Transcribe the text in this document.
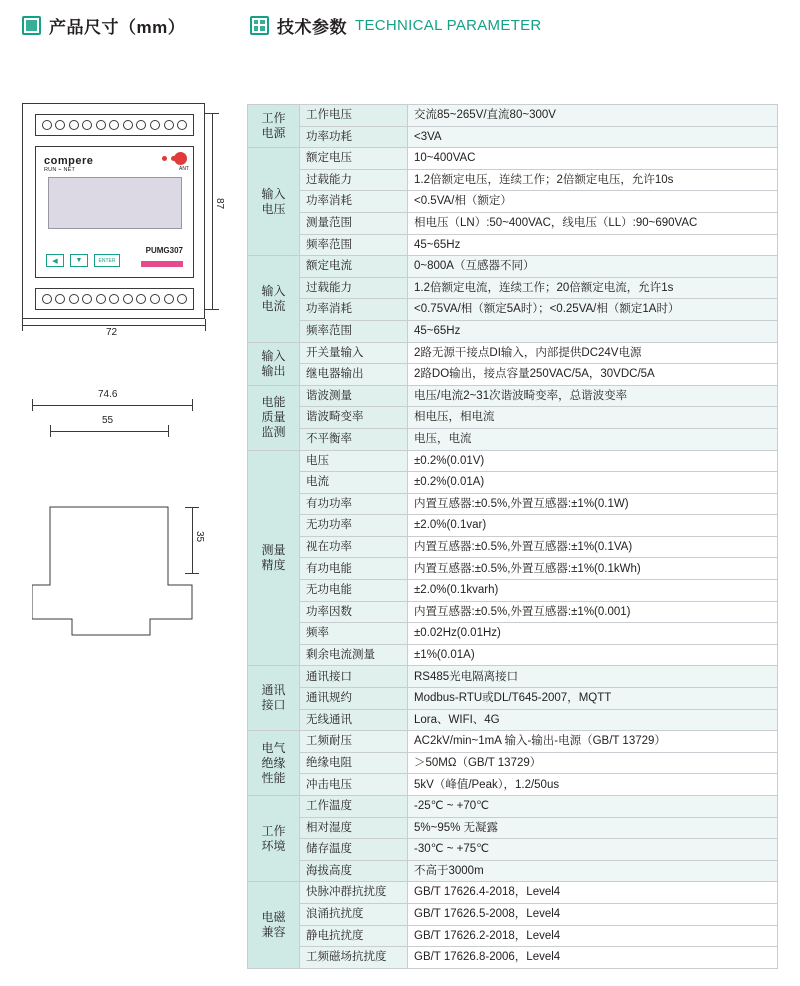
产品尺寸（mm）	技术参数 TECHNICAL PARAMETER
compere
ANT
RUN ⌁ NET
◀	▼	ENTER
PUMG307
87
72
74.6
55
35
工作
电源	工作电压	交流85~265V/直流80~300V
	功率功耗	<3VA
输入
电压	额定电压	10~400VAC
	过载能力	1.2倍额定电压，连续工作；2倍额定电压，允许10s
	功率消耗	<0.5VA/相（额定）
	测量范围	相电压（LN）:50~400VAC，线电压（LL）:90~690VAC
	频率范围	45~65Hz
输入
电流	额定电流	0~800A（互感器不同）
	过载能力	1.2倍额定电流，连续工作；20倍额定电流，允许1s
	功率消耗	<0.75VA/相（额定5A时）；<0.25VA/相（额定1A时）
	频率范围	45~65Hz
输入
输出	开关量输入	2路无源干接点DI输入，内部提供DC24V电源
	继电器输出	2路DO输出，接点容量250VAC/5A，30VDC/5A
电能
质量
监测	谐波测量	电压/电流2~31次谐波畸变率，总谐波变率
	谐波畸变率	相电压，相电流
	不平衡率	电压，电流
测量
精度	电压	±0.2%(0.01V)
	电流	±0.2%(0.01A)
	有功功率	内置互感器:±0.5%,外置互感器:±1%(0.1W)
	无功功率	±2.0%(0.1var)
	视在功率	内置互感器:±0.5%,外置互感器:±1%(0.1VA)
	有功电能	内置互感器:±0.5%,外置互感器:±1%(0.1kWh)
	无功电能	±2.0%(0.1kvarh)
	功率因数	内置互感器:±0.5%,外置互感器:±1%(0.001)
	频率	±0.02Hz(0.01Hz)
	剩余电流测量	±1%(0.01A)
通讯
接口	通讯接口	RS485光电隔离接口
	通讯规约	Modbus-RTU或DL/T645-2007，MQTT
	无线通讯	Lora、WIFI、4G
电气
绝缘
性能	工频耐压	AC2kV/min~1mA 输入-输出-电源（GB/T 13729）
	绝缘电阻	＞50MΩ（GB/T 13729）
	冲击电压	5kV（峰值/Peak），1.2/50us
工作
环境	工作温度	-25℃ ~ +70℃
	相对湿度	5%~95% 无凝露
	储存温度	-30℃ ~ +75℃
	海拔高度	不高于3000m
电磁
兼容	快脉冲群抗扰度	GB/T 17626.4-2018，Level4
	浪涌抗扰度	GB/T 17626.5-2008，Level4
	静电抗扰度	GB/T 17626.2-2018，Level4
	工频磁场抗扰度	GB/T 17626.8-2006，Level4
